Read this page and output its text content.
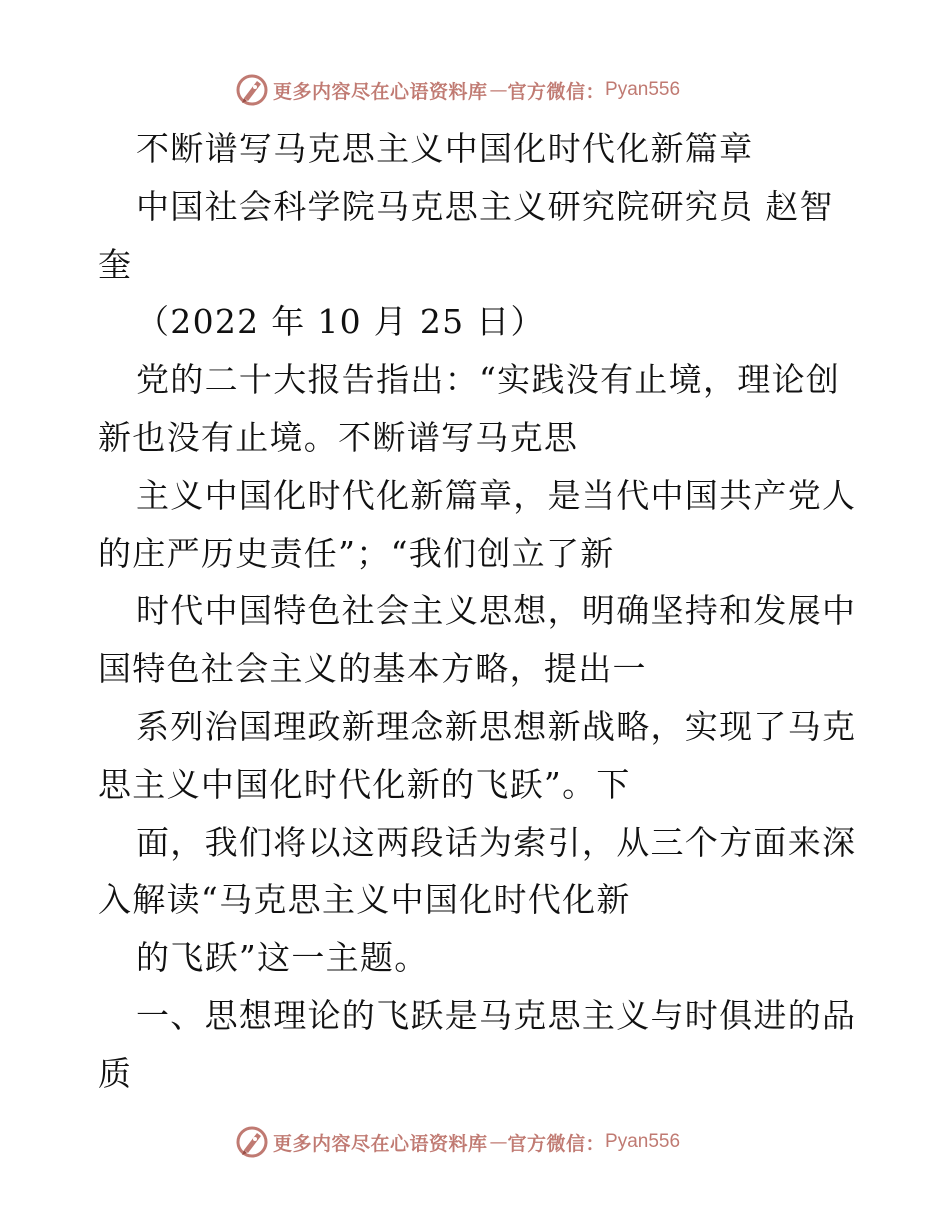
更多内容尽在心语资料库 — 官方微信： Pyan556
不断谱写马克思主义中国化时代化新篇章
中国社会科学院马克思主义研究院研究员 赵智
奎
（2022 年 10 月 25 日）
党的二十大报告指出：“实践没有止境，理论创
新也没有止境。不断谱写马克思
主义中国化时代化新篇章，是当代中国共产党人
的庄严历史责任”；“我们创立了新
时代中国特色社会主义思想，明确坚持和发展中
国特色社会主义的基本方略，提出一
系列治国理政新理念新思想新战略，实现了马克
思主义中国化时代化新的飞跃”。下
面，我们将以这两段话为索引，从三个方面来深
入解读“马克思主义中国化时代化新
的飞跃”这一主题。
一、思想理论的飞跃是马克思主义与时俱进的品
质
更多内容尽在心语资料库 — 官方微信： Pyan556
